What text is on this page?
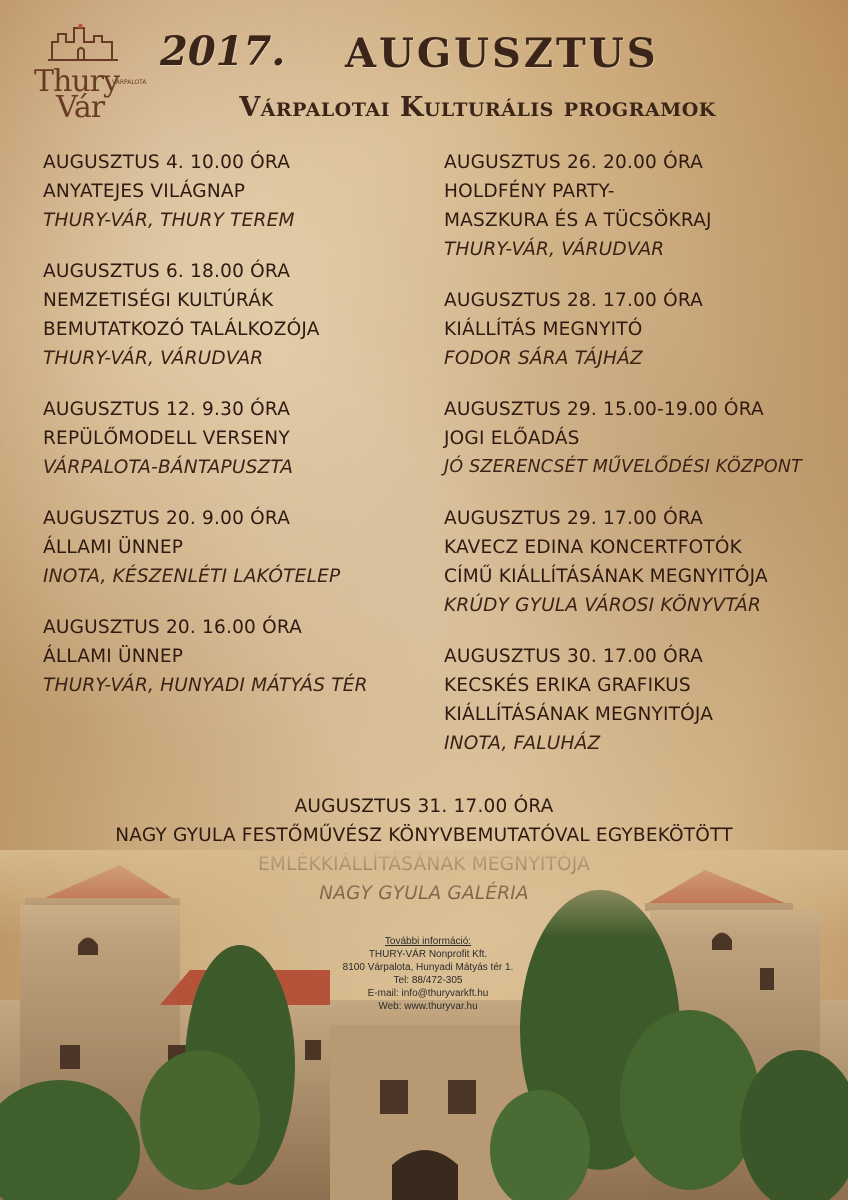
Thury
VÁRPALOTA
Vár
2017. AUGUSZTUS
Várpalotai Kulturális programok
AUGUSZTUS 4. 10.00 ÓRA
ANYATEJES VILÁGNAP
THURY-VÁR, THURY TEREM
AUGUSZTUS 6. 18.00 ÓRA
NEMZETISÉGI KULTÚRÁK
BEMUTATKOZÓ TALÁLKOZÓJA
THURY-VÁR, VÁRUDVAR
AUGUSZTUS 12. 9.30 ÓRA
REPÜLŐMODELL VERSENY
VÁRPALOTA-BÁNTAPUSZTA
AUGUSZTUS 20. 9.00 ÓRA
ÁLLAMI ÜNNEP
INOTA, KÉSZENLÉTI LAKÓTELEP
AUGUSZTUS 20. 16.00 ÓRA
ÁLLAMI ÜNNEP
THURY-VÁR, HUNYADI MÁTYÁS TÉR
AUGUSZTUS 26. 20.00 ÓRA
HOLDFÉNY PARTY-
MASZKURA ÉS A TÜCSÖKRAJ
THURY-VÁR, VÁRUDVAR
AUGUSZTUS 28. 17.00 ÓRA
KIÁLLÍTÁS MEGNYITÓ
FODOR SÁRA TÁJHÁZ
AUGUSZTUS 29. 15.00-19.00 ÓRA
JOGI ELŐADÁS
JÓ SZERENCSÉT MŰVELŐDÉSI KÖZPONT
AUGUSZTUS 29. 17.00 ÓRA
KAVECZ EDINA KONCERTFOTÓK
CÍMŰ KIÁLLÍTÁSÁNAK MEGNYITÓJA
KRÚDY GYULA VÁROSI KÖNYVTÁR
AUGUSZTUS 30. 17.00 ÓRA
KECSKÉS ERIKA GRAFIKUS
KIÁLLÍTÁSÁNAK MEGNYITÓJA
INOTA, FALUHÁZ
AUGUSZTUS 31. 17.00 ÓRA
NAGY GYULA FESTŐMŰVÉSZ KÖNYVBEMUTATÓVAL EGYBEKÖTÖTT
További információ:
THURY-VÁR Nonprofit Kft.
8100 Várpalota, Hunyadi Mátyás tér 1.
Tel: 88/472-305
E-mail: info@thuryvarkft.hu
Web: www.thuryvar.hu
